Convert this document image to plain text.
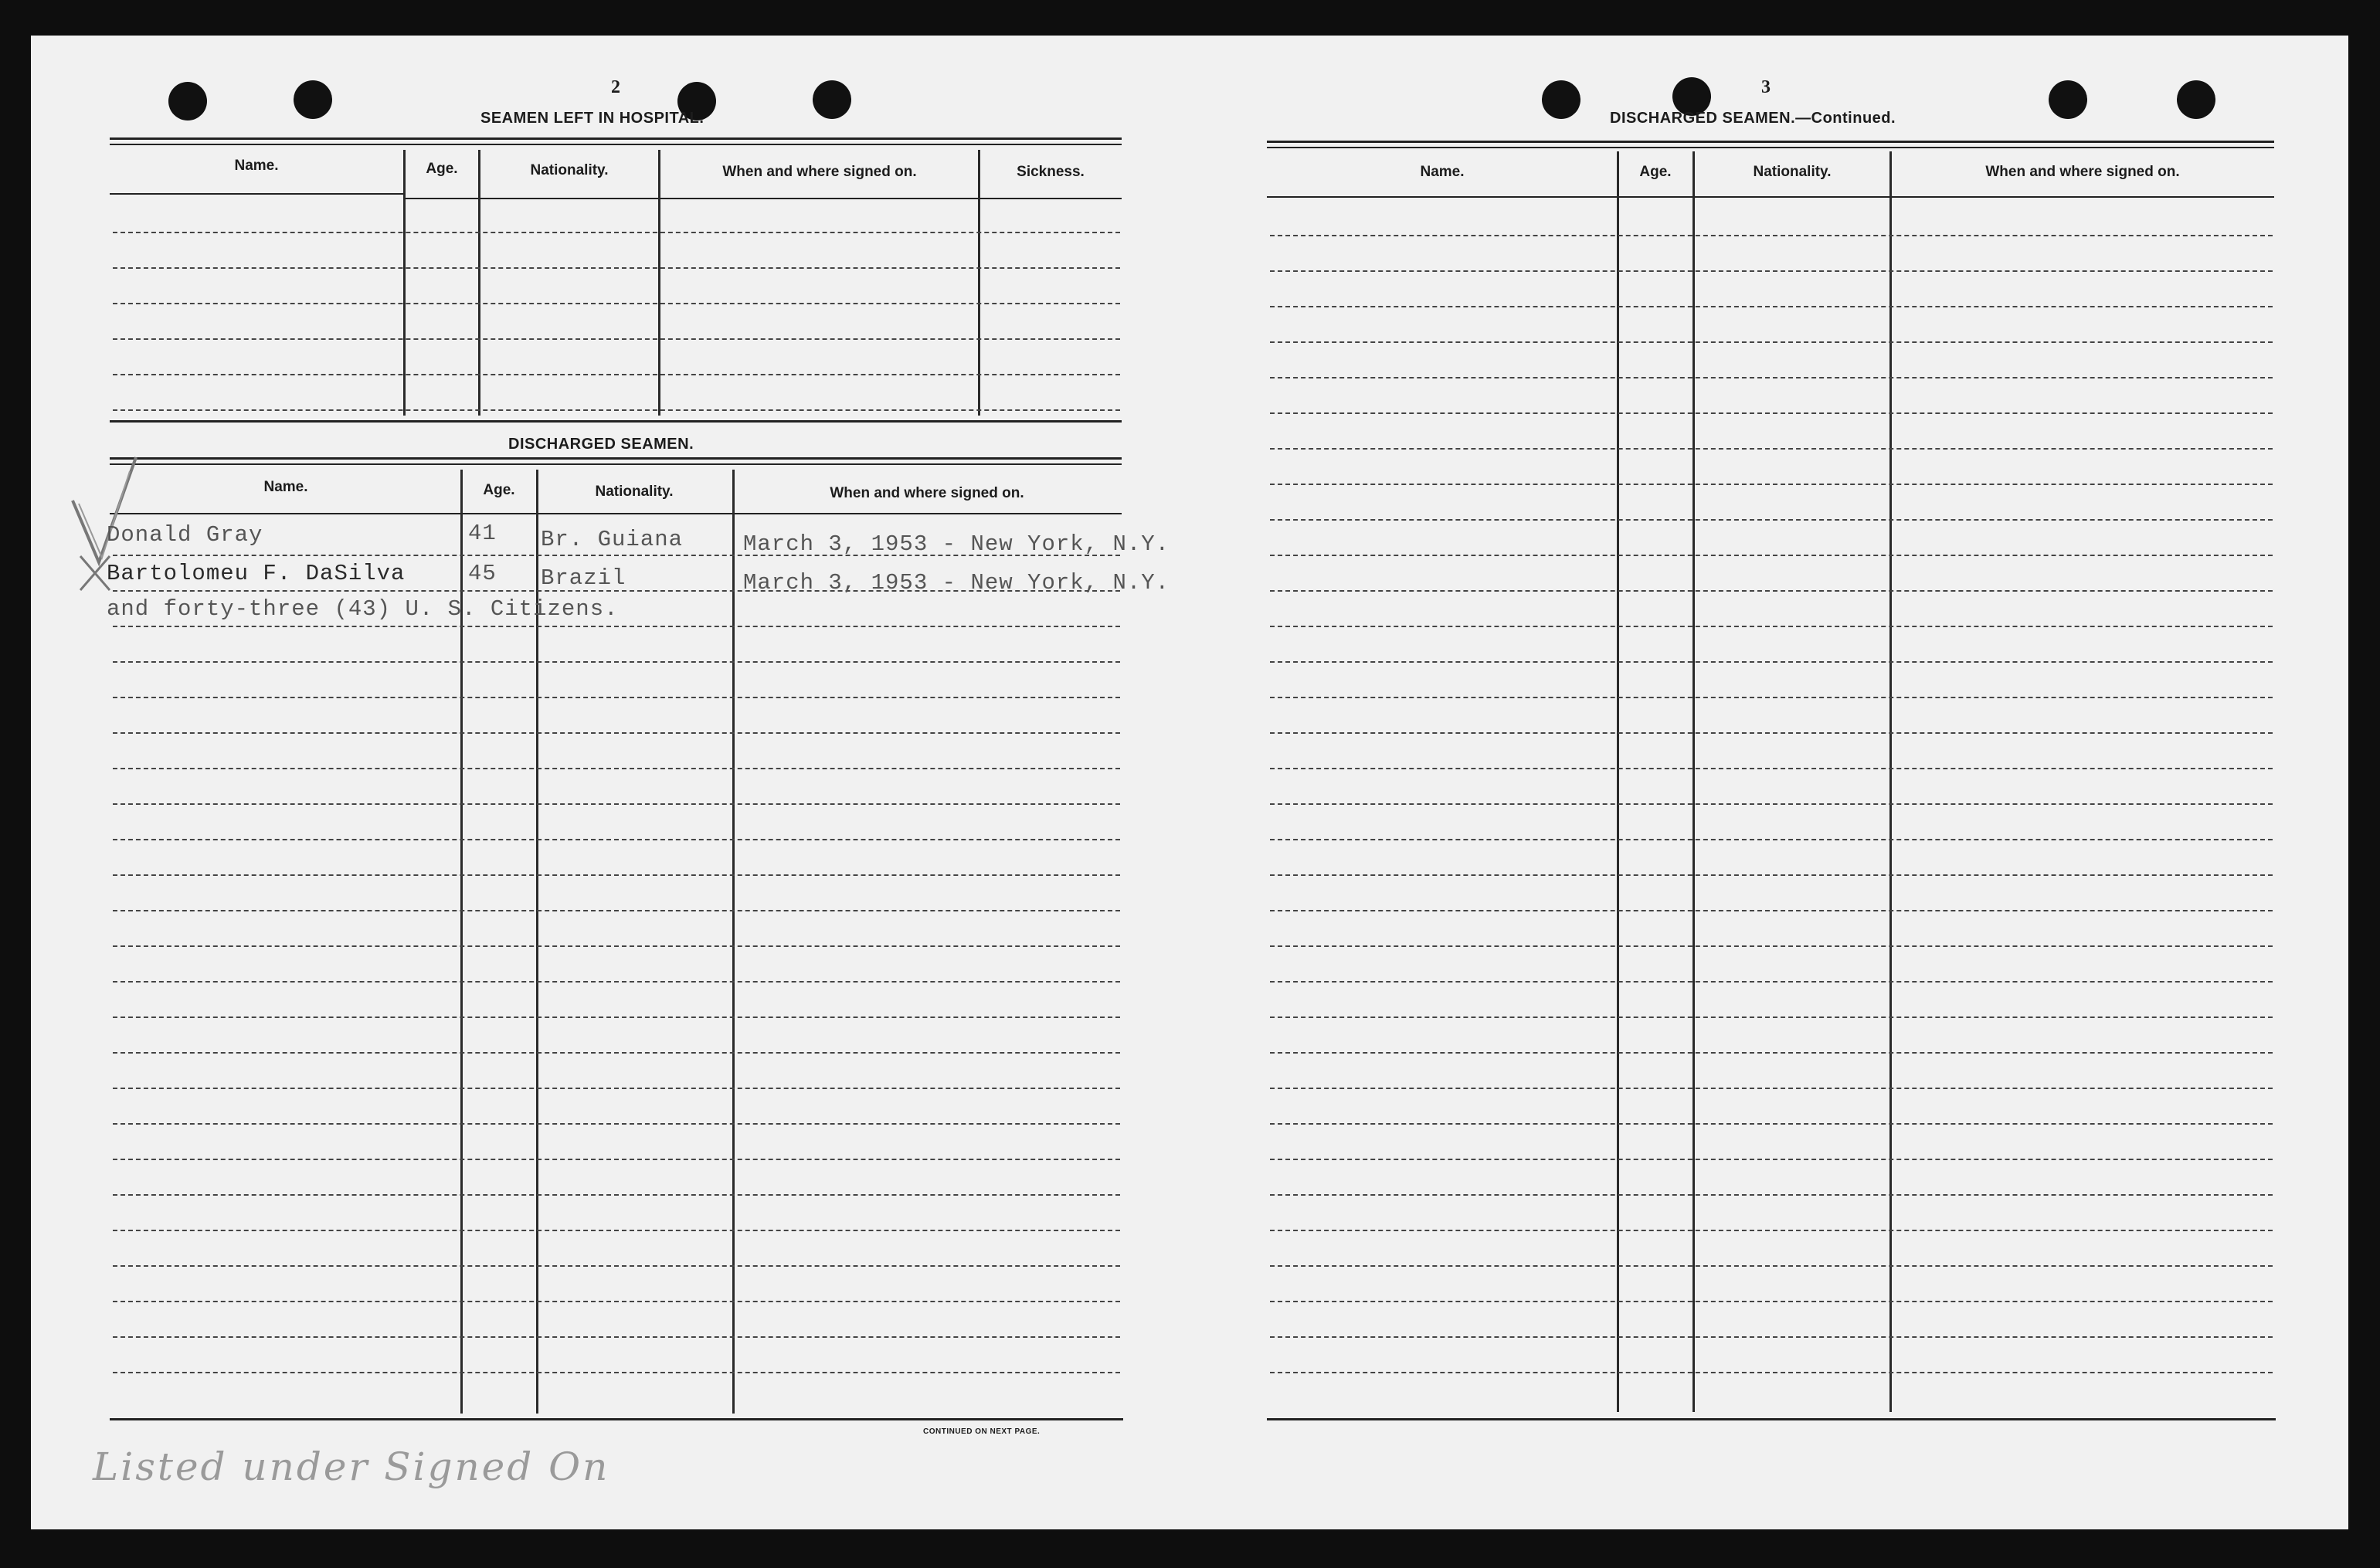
2
SEAMEN LEFT IN HOSPITAL.
Name.	Age.	Nationality.	When and where signed on.	Sickness.
DISCHARGED SEAMEN.
Name.	Age.	Nationality.	When and where signed on.
CONTINUED ON NEXT PAGE.
Donald Gray	41 Br. Guiana	March 3, 1953 - New York, N.Y.
Bartolomeu F. DaSilva	45 Brazil	March 3, 1953 - New York, N.Y.
and forty-three (43) U. S. Citizens.
Listed under Signed On
3
DISCHARGED SEAMEN.—Continued.
Name.	Age.	Nationality.	When and where signed on.
